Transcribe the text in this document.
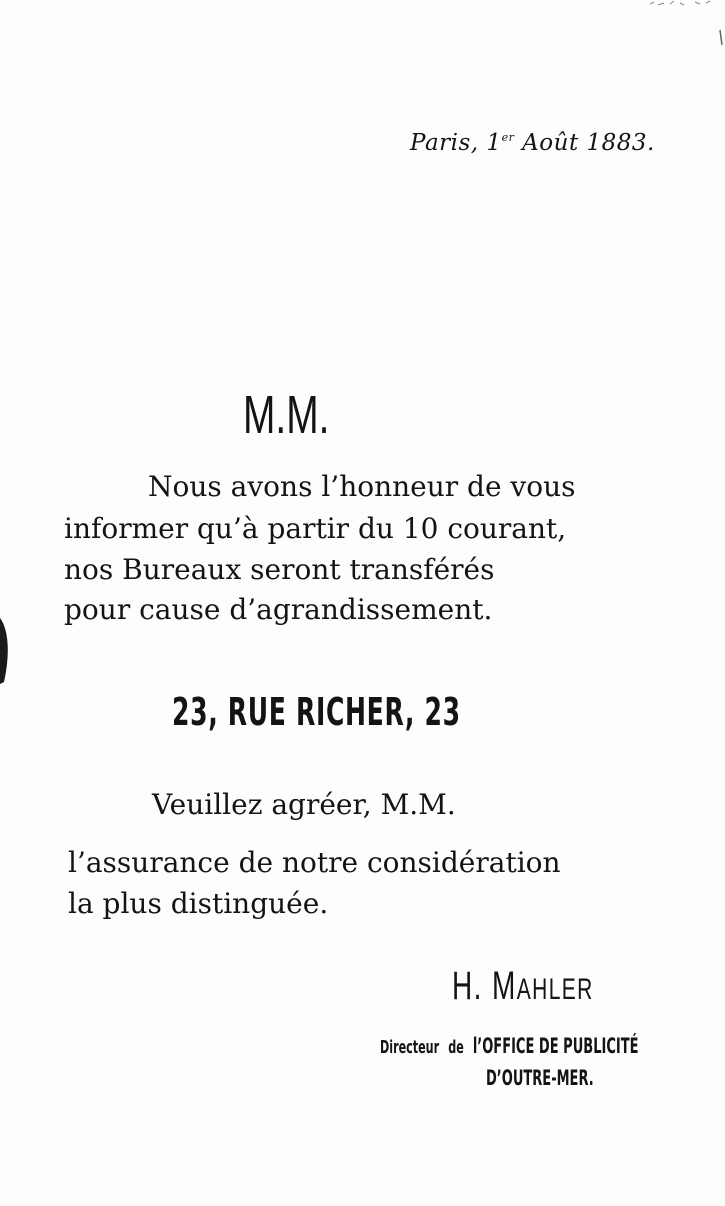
Paris, 1er Août 1883.

M.M.

Nous avons l’honneur de vous

informer qu’à partir du 10 courant,

nos Bureaux seront transférés

pour cause d’agrandissement.

23, RUE RICHER, 23

Veuillez agréer, M.M.

l’assurance de notre considération

la plus distinguée.

H. MAHLER

Directeur de l’OFFICE DE PUBLICITÉ

D’OUTRE-MER.
